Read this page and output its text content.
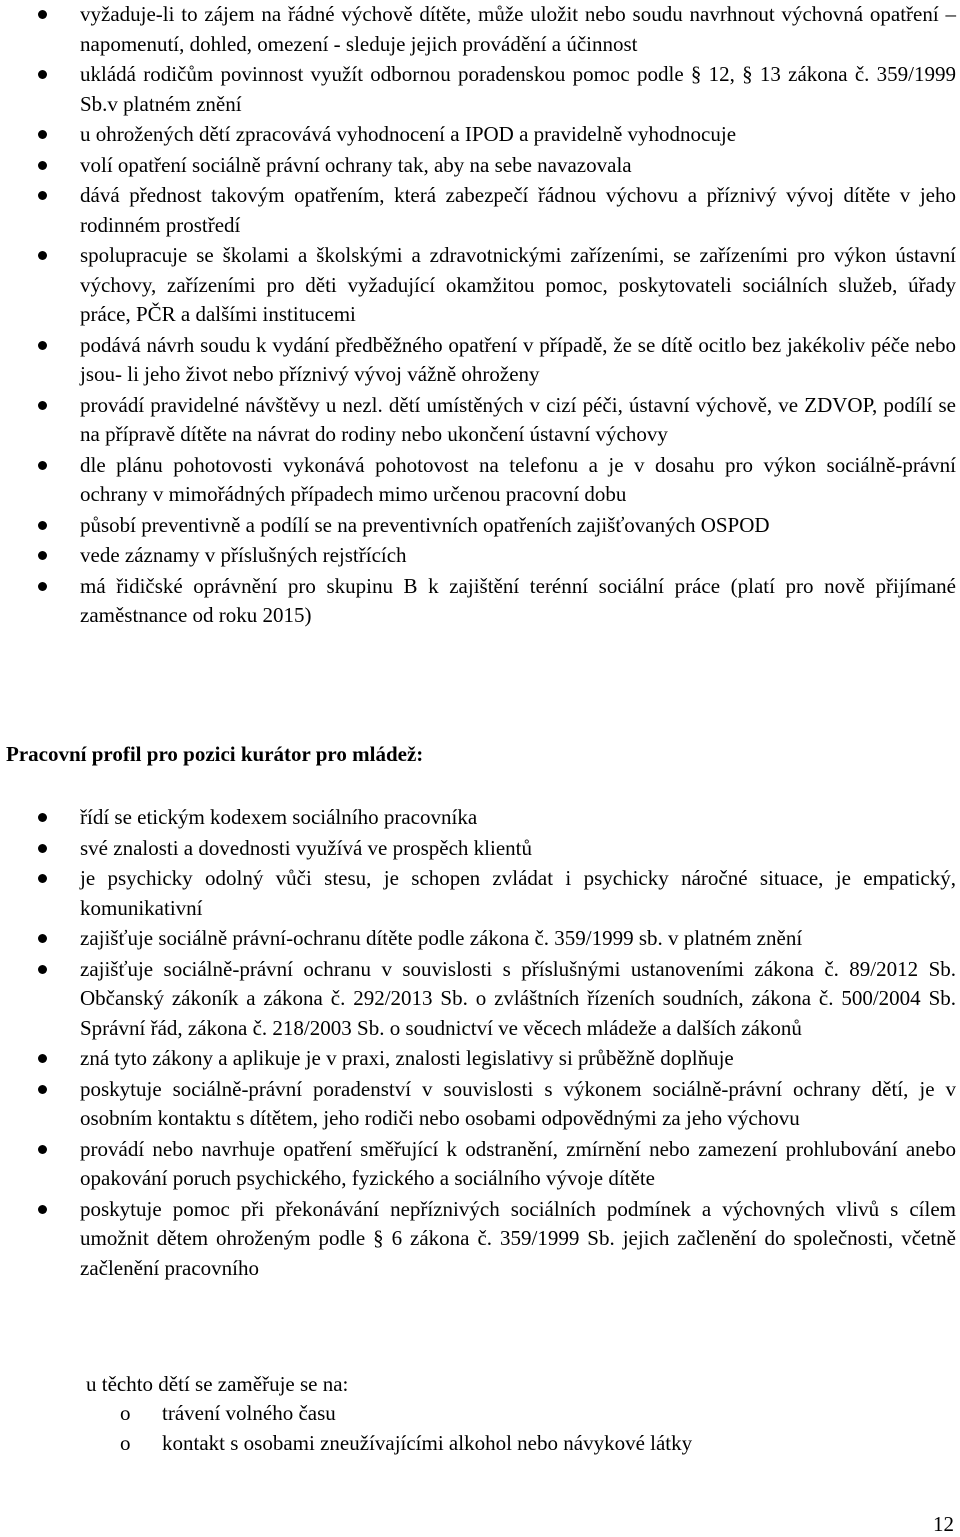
vyžaduje-li to zájem na řádné výchově dítěte, může uložit nebo soudu navrhnout výchovná opatření – napomenutí, dohled, omezení - sleduje jejich provádění a účinnost
ukládá rodičům povinnost využít odbornou poradenskou pomoc podle § 12, § 13 zákona č. 359/1999 Sb.v platném znění
u ohrožených dětí zpracovává vyhodnocení a IPOD a pravidelně vyhodnocuje
volí opatření sociálně právní ochrany tak, aby na sebe navazovala
dává přednost takovým opatřením, která zabezpečí řádnou výchovu a příznivý vývoj dítěte v jeho rodinném prostředí
spolupracuje se školami a školskými a zdravotnickými zařízeními, se zařízeními pro výkon ústavní výchovy, zařízeními pro děti vyžadující okamžitou pomoc, poskytovateli sociálních služeb, úřady práce, PČR a dalšími institucemi
podává návrh soudu k vydání předběžného opatření v případě, že se dítě ocitlo bez jakékoliv péče nebo jsou- li jeho život nebo příznivý vývoj vážně ohroženy
provádí pravidelné návštěvy u nezl. dětí umístěných v cizí péči, ústavní výchově, ve ZDVOP, podílí se na přípravě dítěte na návrat do rodiny nebo ukončení ústavní výchovy
dle plánu pohotovosti vykonává pohotovost na telefonu a je v dosahu pro výkon sociálně-právní ochrany v mimořádných případech mimo určenou pracovní dobu
působí preventivně a podílí se na preventivních opatřeních zajišťovaných OSPOD
vede záznamy v příslušných rejstřících
má řidičské oprávnění pro skupinu B k zajištění terénní sociální práce (platí pro nově přijímané zaměstnance od roku 2015)
Pracovní profil pro pozici kurátor pro mládež:
řídí se etickým kodexem sociálního pracovníka
své znalosti a dovednosti využívá ve prospěch klientů
je psychicky odolný vůči stesu, je schopen zvládat i psychicky náročné situace, je empatický, komunikativní
zajišťuje sociálně právní-ochranu dítěte podle zákona č. 359/1999 sb. v platném znění
zajišťuje sociálně-právní ochranu v souvislosti s příslušnými ustanoveními zákona č. 89/2012 Sb. Občanský zákoník a zákona č. 292/2013 Sb. o zvláštních řízeních soudních, zákona č. 500/2004 Sb. Správní řád, zákona č. 218/2003 Sb. o soudnictví ve věcech mládeže a dalších zákonů
zná tyto zákony a aplikuje je v praxi, znalosti legislativy si průběžně doplňuje
poskytuje sociálně-právní poradenství v souvislosti s výkonem sociálně-právní ochrany dětí, je v osobním kontaktu s dítětem, jeho rodiči nebo osobami odpovědnými za jeho výchovu
provádí nebo navrhuje opatření směřující k odstranění, zmírnění nebo zamezení prohlubování anebo opakování poruch psychického, fyzického a sociálního vývoje dítěte
poskytuje pomoc při překonávání nepříznivých sociálních podmínek a výchovných vlivů s cílem umožnit dětem ohroženým podle § 6 zákona č. 359/1999 Sb. jejich začlenění do společnosti, včetně začlenění pracovního
u těchto dětí se zaměřuje se na:
o trávení volného času
o kontakt s osobami zneužívajícími alkohol nebo návykové látky
12
